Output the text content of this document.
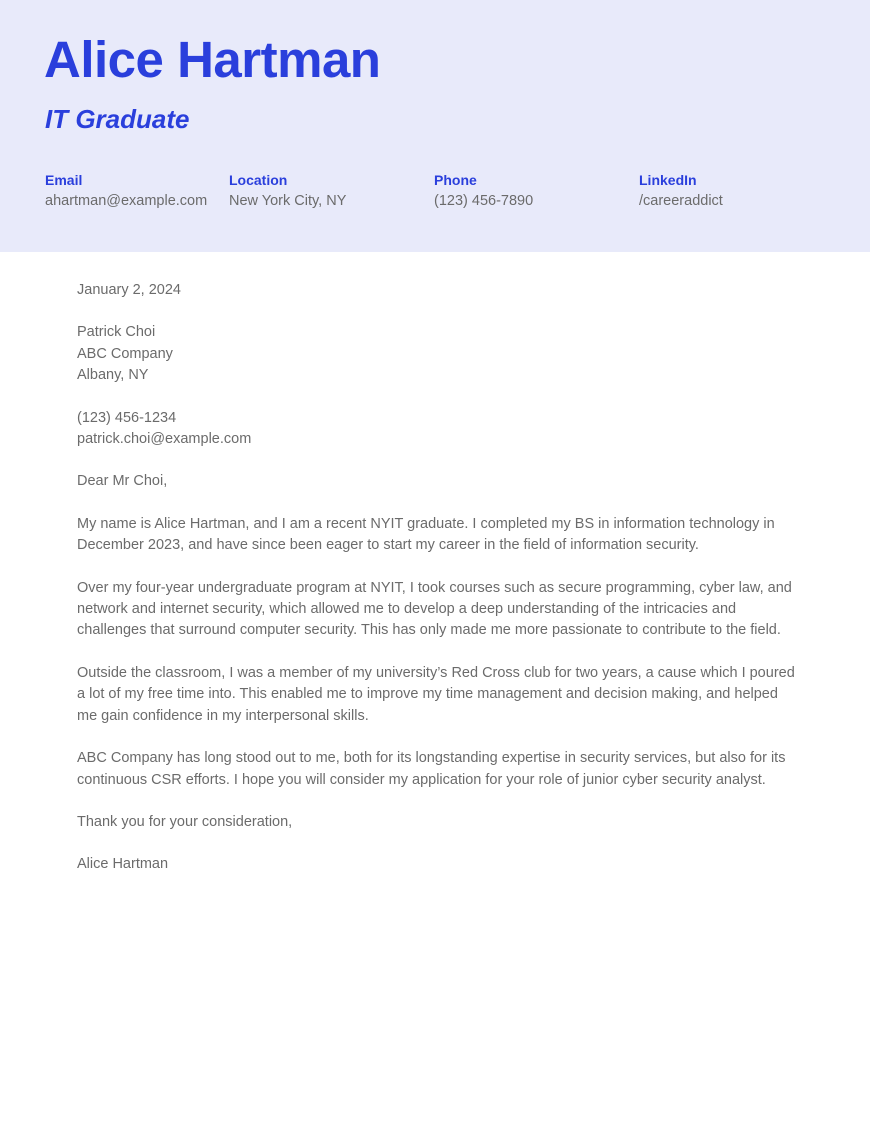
Alice Hartman
IT Graduate
Email
ahartman@example.com
Location
New York City, NY
Phone
(123) 456-7890
LinkedIn
/careeraddict

January 2, 2024

Patrick Choi
ABC Company
Albany, NY

(123) 456-1234
patrick.choi@example.com

Dear Mr Choi,

My name is Alice Hartman, and I am a recent NYIT graduate. I completed my BS in information technology in December 2023, and have since been eager to start my career in the field of information security.

Over my four-year undergraduate program at NYIT, I took courses such as secure programming, cyber law, and network and internet security, which allowed me to develop a deep understanding of the intricacies and challenges that surround computer security. This has only made me more passionate to contribute to the field.

Outside the classroom, I was a member of my university’s Red Cross club for two years, a cause which I poured a lot of my free time into. This enabled me to improve my time management and decision making, and helped me gain confidence in my interpersonal skills.

ABC Company has long stood out to me, both for its longstanding expertise in security services, but also for its continuous CSR efforts. I hope you will consider my application for your role of junior cyber security analyst.

Thank you for your consideration,

Alice Hartman
